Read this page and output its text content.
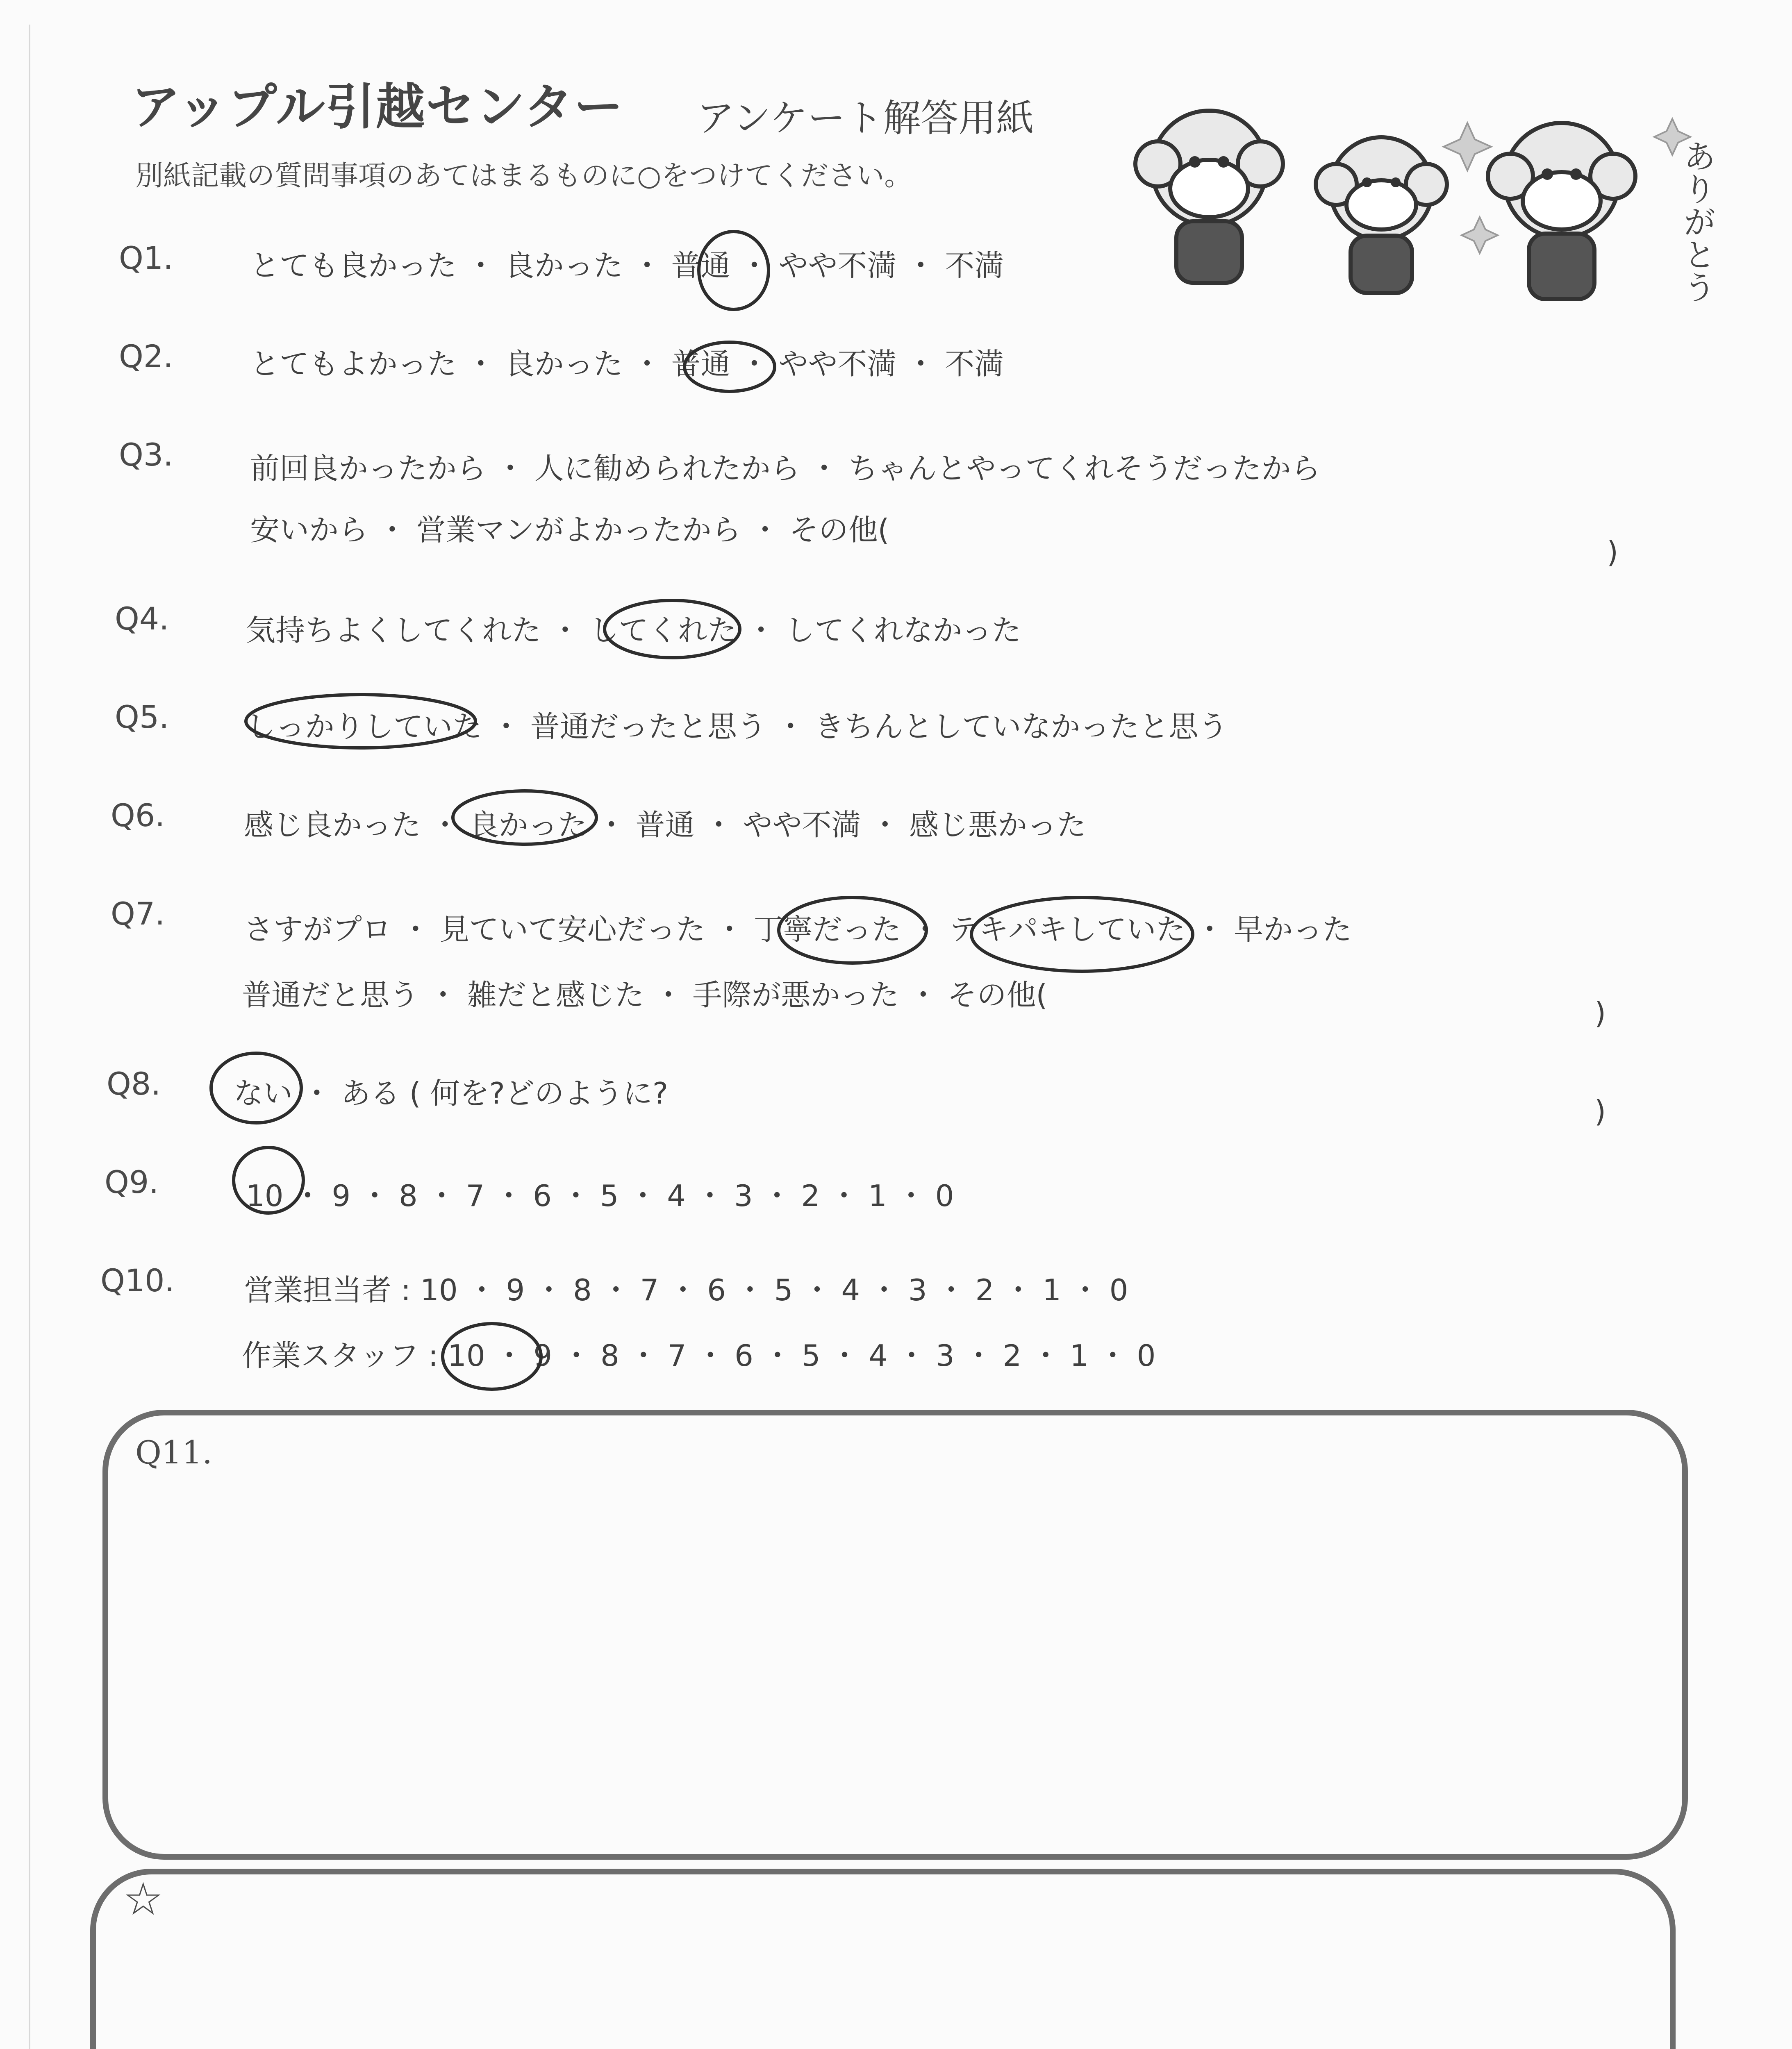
アップル引越センター アンケート解答用紙
別紙記載の質問事項のあてはまるものに○をつけてください。	ありがとう
Q1.	とても良かった ・ 良かった ・ 普通 ・ やや不満 ・ 不満
Q2.	とてもよかった ・ 良かった ・ 普通 ・ やや不満 ・ 不満
Q3.	前回良かったから ・ 人に勧められたから ・ ちゃんとやってくれそうだったから
安いから ・ 営業マンがよかったから ・ その他(
)
Q4.	気持ちよくしてくれた ・ してくれた ・ してくれなかった
Q5.	しっかりしていた ・ 普通だったと思う ・ きちんとしていなかったと思う
Q6.	感じ良かった ・ 良かった ・ 普通 ・ やや不満 ・ 感じ悪かった
Q7.	さすがプロ ・ 見ていて安心だった ・ 丁寧だった ・ テキパキしていた ・ 早かった
普通だと思う ・ 雑だと感じた ・ 手際が悪かった ・ その他(
)
Q8. ない ・ ある ( 何を?どのように?
)
Q9.	10 ・ 9 ・ 8 ・ 7 ・ 6 ・ 5 ・ 4 ・ 3 ・ 2 ・ 1 ・ 0
Q10. 営業担当者 : 10 ・ 9 ・ 8 ・ 7 ・ 6 ・ 5 ・ 4 ・ 3 ・ 2 ・ 1 ・ 0
作業スタッフ : 10 ・ 9 ・ 8 ・ 7 ・ 6 ・ 5 ・ 4 ・ 3 ・ 2 ・ 1 ・ 0
Q11.
☆
